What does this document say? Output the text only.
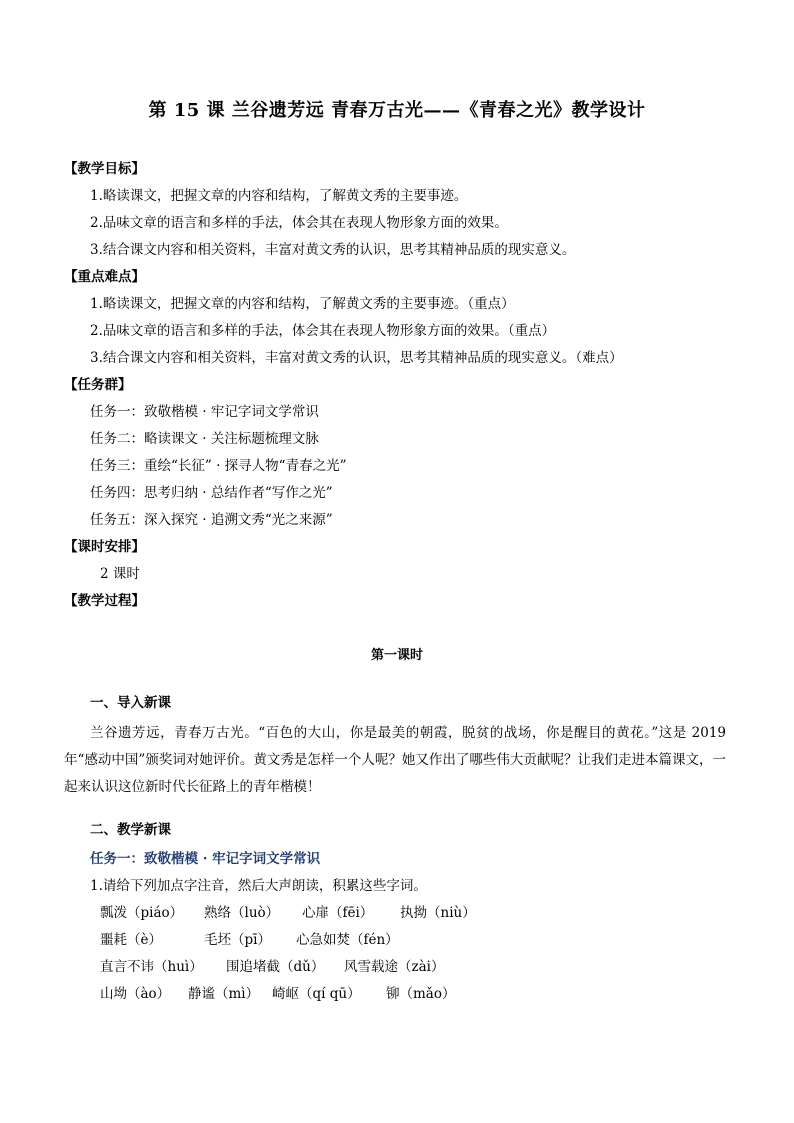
第 15 课 兰谷遗芳远 青春万古光——《青春之光》教学设计
【教学目标】
1.略读课文，把握文章的内容和结构，了解黄文秀的主要事迹。
2.品味文章的语言和多样的手法，体会其在表现人物形象方面的效果。
3.结合课文内容和相关资料，丰富对黄文秀的认识，思考其精神品质的现实意义。
【重点难点】
1.略读课文，把握文章的内容和结构，了解黄文秀的主要事迹。（重点）
2.品味文章的语言和多样的手法，体会其在表现人物形象方面的效果。（重点）
3.结合课文内容和相关资料，丰富对黄文秀的认识，思考其精神品质的现实意义。（难点）
【任务群】
任务一：致敬楷模 · 牢记字词文学常识
任务二：略读课文 · 关注标题梳理文脉
任务三：重绘“长征” · 探寻人物“青春之光”
任务四：思考归纳 · 总结作者“写作之光”
任务五：深入探究 · 追溯文秀“光之来源”
【课时安排】
2 课时
【教学过程】
第一课时
一、导入新课
兰谷遗芳远，青春万古光。“百色的大山，你是最美的朝霞，脱贫的战场，你是醒目的黄花。”这是 2019 年“感动中国”颁奖词对她评价。黄文秀是怎样一个人呢？她又作出了哪些伟大贡献呢？让我们走进本篇课文，一起来认识这位新时代长征路上的青年楷模！
二、教学新课
任务一：致敬楷模 · 牢记字词文学常识
1.请给下列加点字注音，然后大声朗读，积累这些字词。
瓢泼（piáo） 熟络（luò） 心扉（fēi） 执拗（niù）
噩耗（è）	毛坯（pī） 心急如焚（fén）
直言不讳（huì） 围追堵截（dǔ） 风雪载途（zài）
山坳（ào） 静谧（mì） 崎岖（qí qū） 铆（mǎo）
